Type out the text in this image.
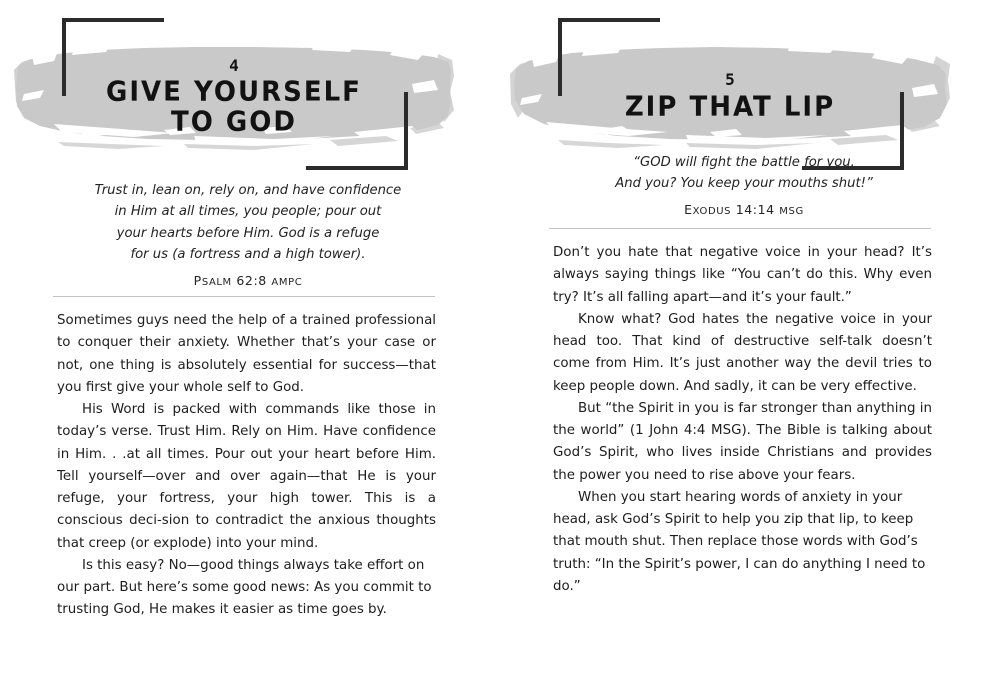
4
GIVE YOURSELF
TO GOD
Trust in, lean on, rely on, and have confidence
in Him at all times, you people; pour out
your hearts before Him. God is a refuge
for us (a fortress and a high tower).
PSALM 62:8 AMPC

Sometimes guys need the help of a trained professional to conquer their anxiety. Whether that’s your case or not, one thing is absolutely essential for success—that you first give your whole self to God.

His Word is packed with commands like those in today’s verse. Trust Him. Rely on Him. Have confidence in Him. . .at all times. Pour out your heart before Him. Tell yourself—over and over again—that He is your refuge, your fortress, your high tower. This is a conscious deci-sion to contradict the anxious thoughts that creep (or explode) into your mind.

Is this easy? No—good things always take effort on our part. But here’s some good news: As you commit to trusting God, He makes it easier as time goes by.

5
ZIP THAT LIP
“GOD will fight the battle for you.
And you? You keep your mouths shut!”
EXODUS 14:14 MSG

Don’t you hate that negative voice in your head? It’s always saying things like “You can’t do this. Why even try? It’s all falling apart—and it’s your fault.”

Know what? God hates the negative voice in your head too. That kind of destructive self-talk doesn’t come from Him. It’s just another way the devil tries to keep people down. And sadly, it can be very effective.

But “the Spirit in you is far stronger than anything in the world” (1 John 4:4 MSG). The Bible is talking about God’s Spirit, who lives inside Christians and provides the power you need to rise above your fears.

When you start hearing words of anxiety in your head, ask God’s Spirit to help you zip that lip, to keep that mouth shut. Then replace those words with God’s truth: “In the Spirit’s power, I can do anything I need to do.”
